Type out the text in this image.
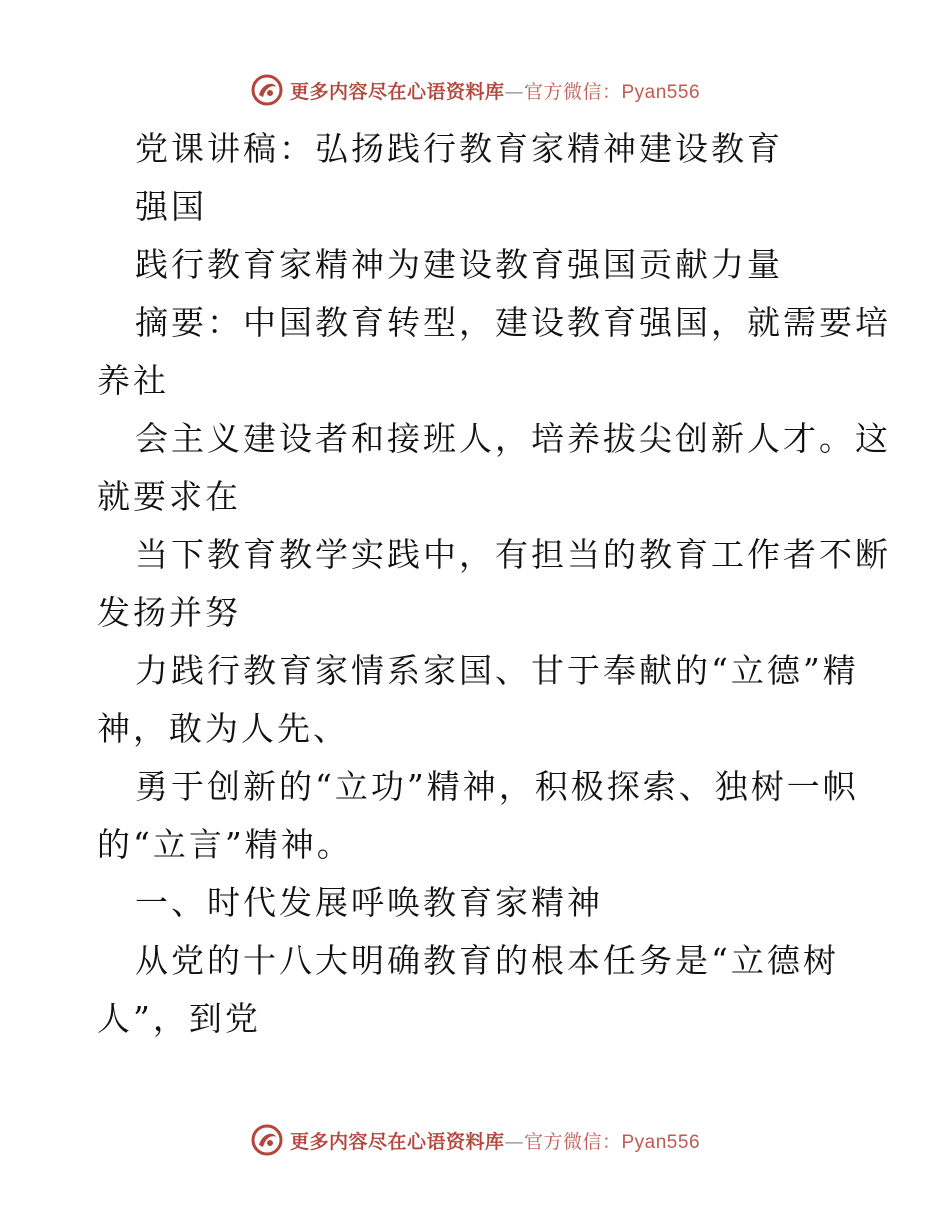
更多内容尽在心语资料库—官方微信：Pyan556
党课讲稿：弘扬践行教育家精神建设教育
强国
践行教育家精神为建设教育强国贡献力量
摘要：中国教育转型，建设教育强国，就需要培
养社
会主义建设者和接班人，培养拔尖创新人才。这
就要求在
当下教育教学实践中，有担当的教育工作者不断
发扬并努
力践行教育家情系家国、甘于奉献的“立德”精
神，敢为人先、
勇于创新的“立功”精神，积极探索、独树一帜
的“立言”精神。
一、时代发展呼唤教育家精神
从党的十八大明确教育的根本任务是“立德树
人”，到党
更多内容尽在心语资料库—官方微信：Pyan556
